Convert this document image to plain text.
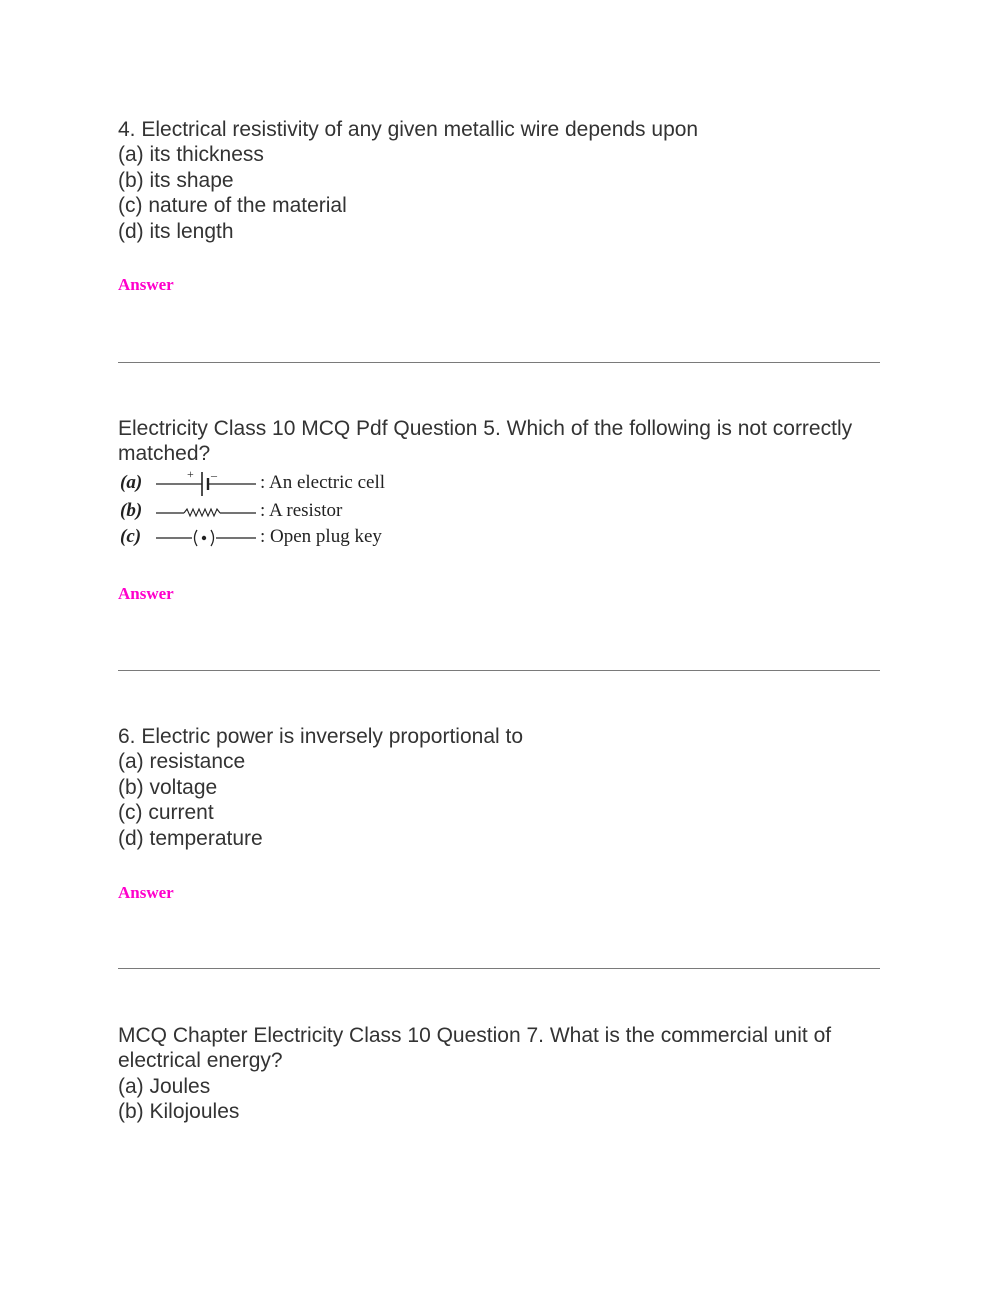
4. Electrical resistivity of any given metallic wire depends upon

(a) its thickness

(b) its shape

(c) nature of the material

(d) its length

Answer

Electricity Class 10 MCQ Pdf Question 5. Which of the following is not correctly matched?

(a)	+ – : An electric cell
(b)	: A resistor
(c)	: Open plug key
Answer

6. Electric power is inversely proportional to

(a) resistance

(b) voltage

(c) current

(d) temperature

Answer

MCQ Chapter Electricity Class 10 Question 7. What is the commercial unit of electrical energy?

(a) Joules

(b) Kilojoules
